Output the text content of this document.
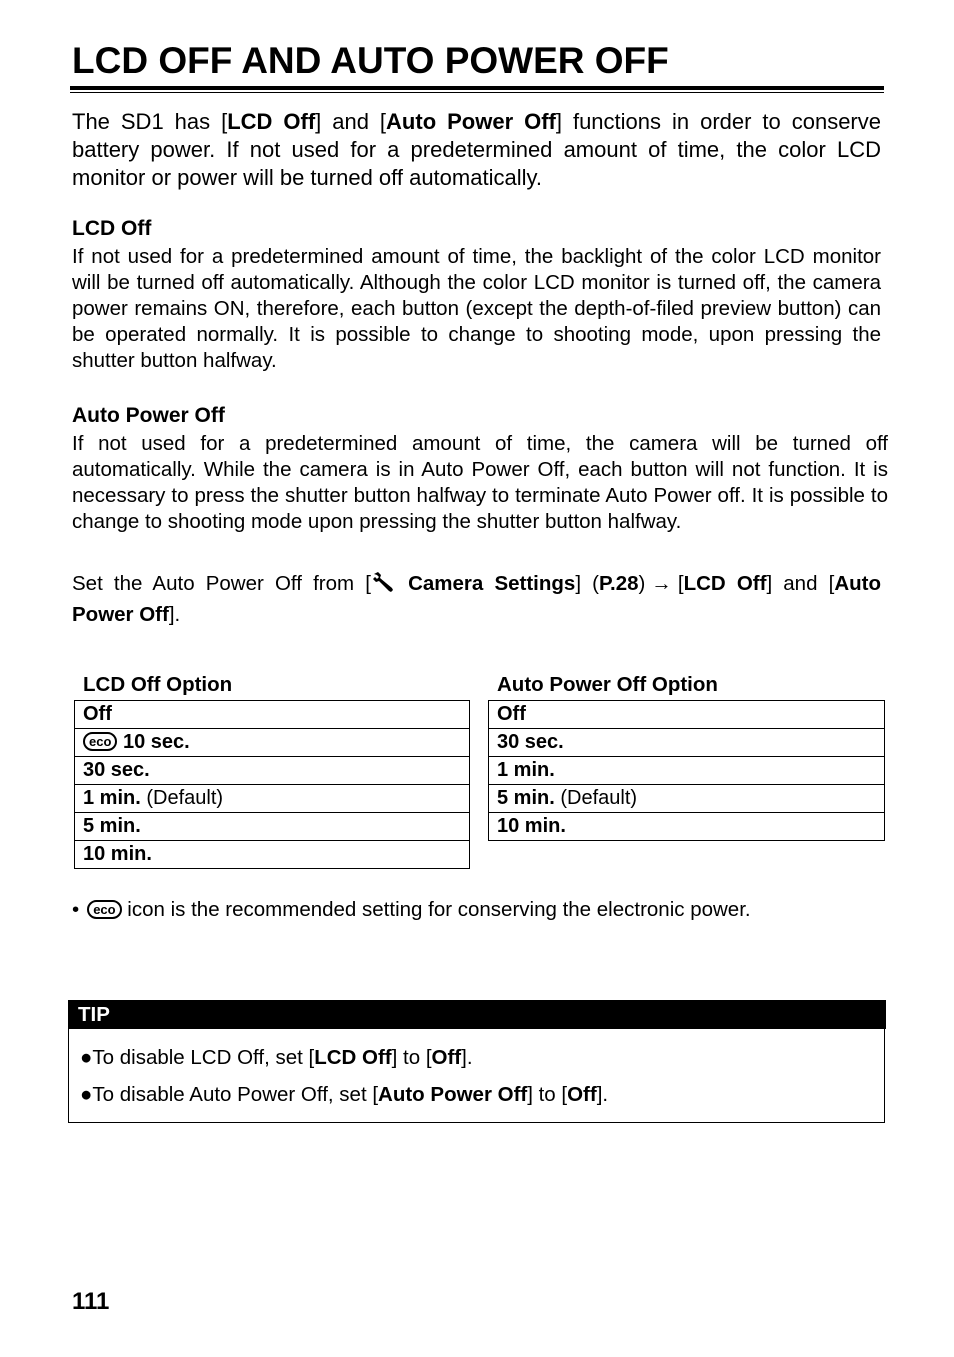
LCD OFF AND AUTO POWER OFF

The SD1 has [LCD Off] and [Auto Power Off] functions in order to conserve battery power. If not used for a predetermined amount of time, the color LCD monitor or power will be turned off automatically.

LCD Off

If not used for a predetermined amount of time, the backlight of the color LCD monitor will be turned off automatically. Although the color LCD monitor is turned off, the camera power remains ON, therefore, each button (except the depth-of-filed preview button) can be operated normally. It is possible to change to shooting mode, upon pressing the shutter button halfway.

Auto Power Off

If not used for a predetermined amount of time, the camera will be turned off automatically. While the camera is in Auto Power Off, each button will not function. It is necessary to press the shutter button halfway to terminate Auto Power off. It is possible to change to shooting mode upon pressing the shutter button halfway.

Set the Auto Power Off from [ Camera Settings] (P.28) → [LCD Off] and [Auto Power Off].

LCD Off Option
Off
eco 10 sec.
30 sec.
1 min. (Default)
5 min.
10 min.
Auto Power Off Option
Off
30 sec.
1 min.
5 min. (Default)
10 min.

• eco icon is the recommended setting for conserving the electronic power.

TIP
●To disable LCD Off, set [LCD Off] to [Off].
●To disable Auto Power Off, set [Auto Power Off] to [Off].
111
